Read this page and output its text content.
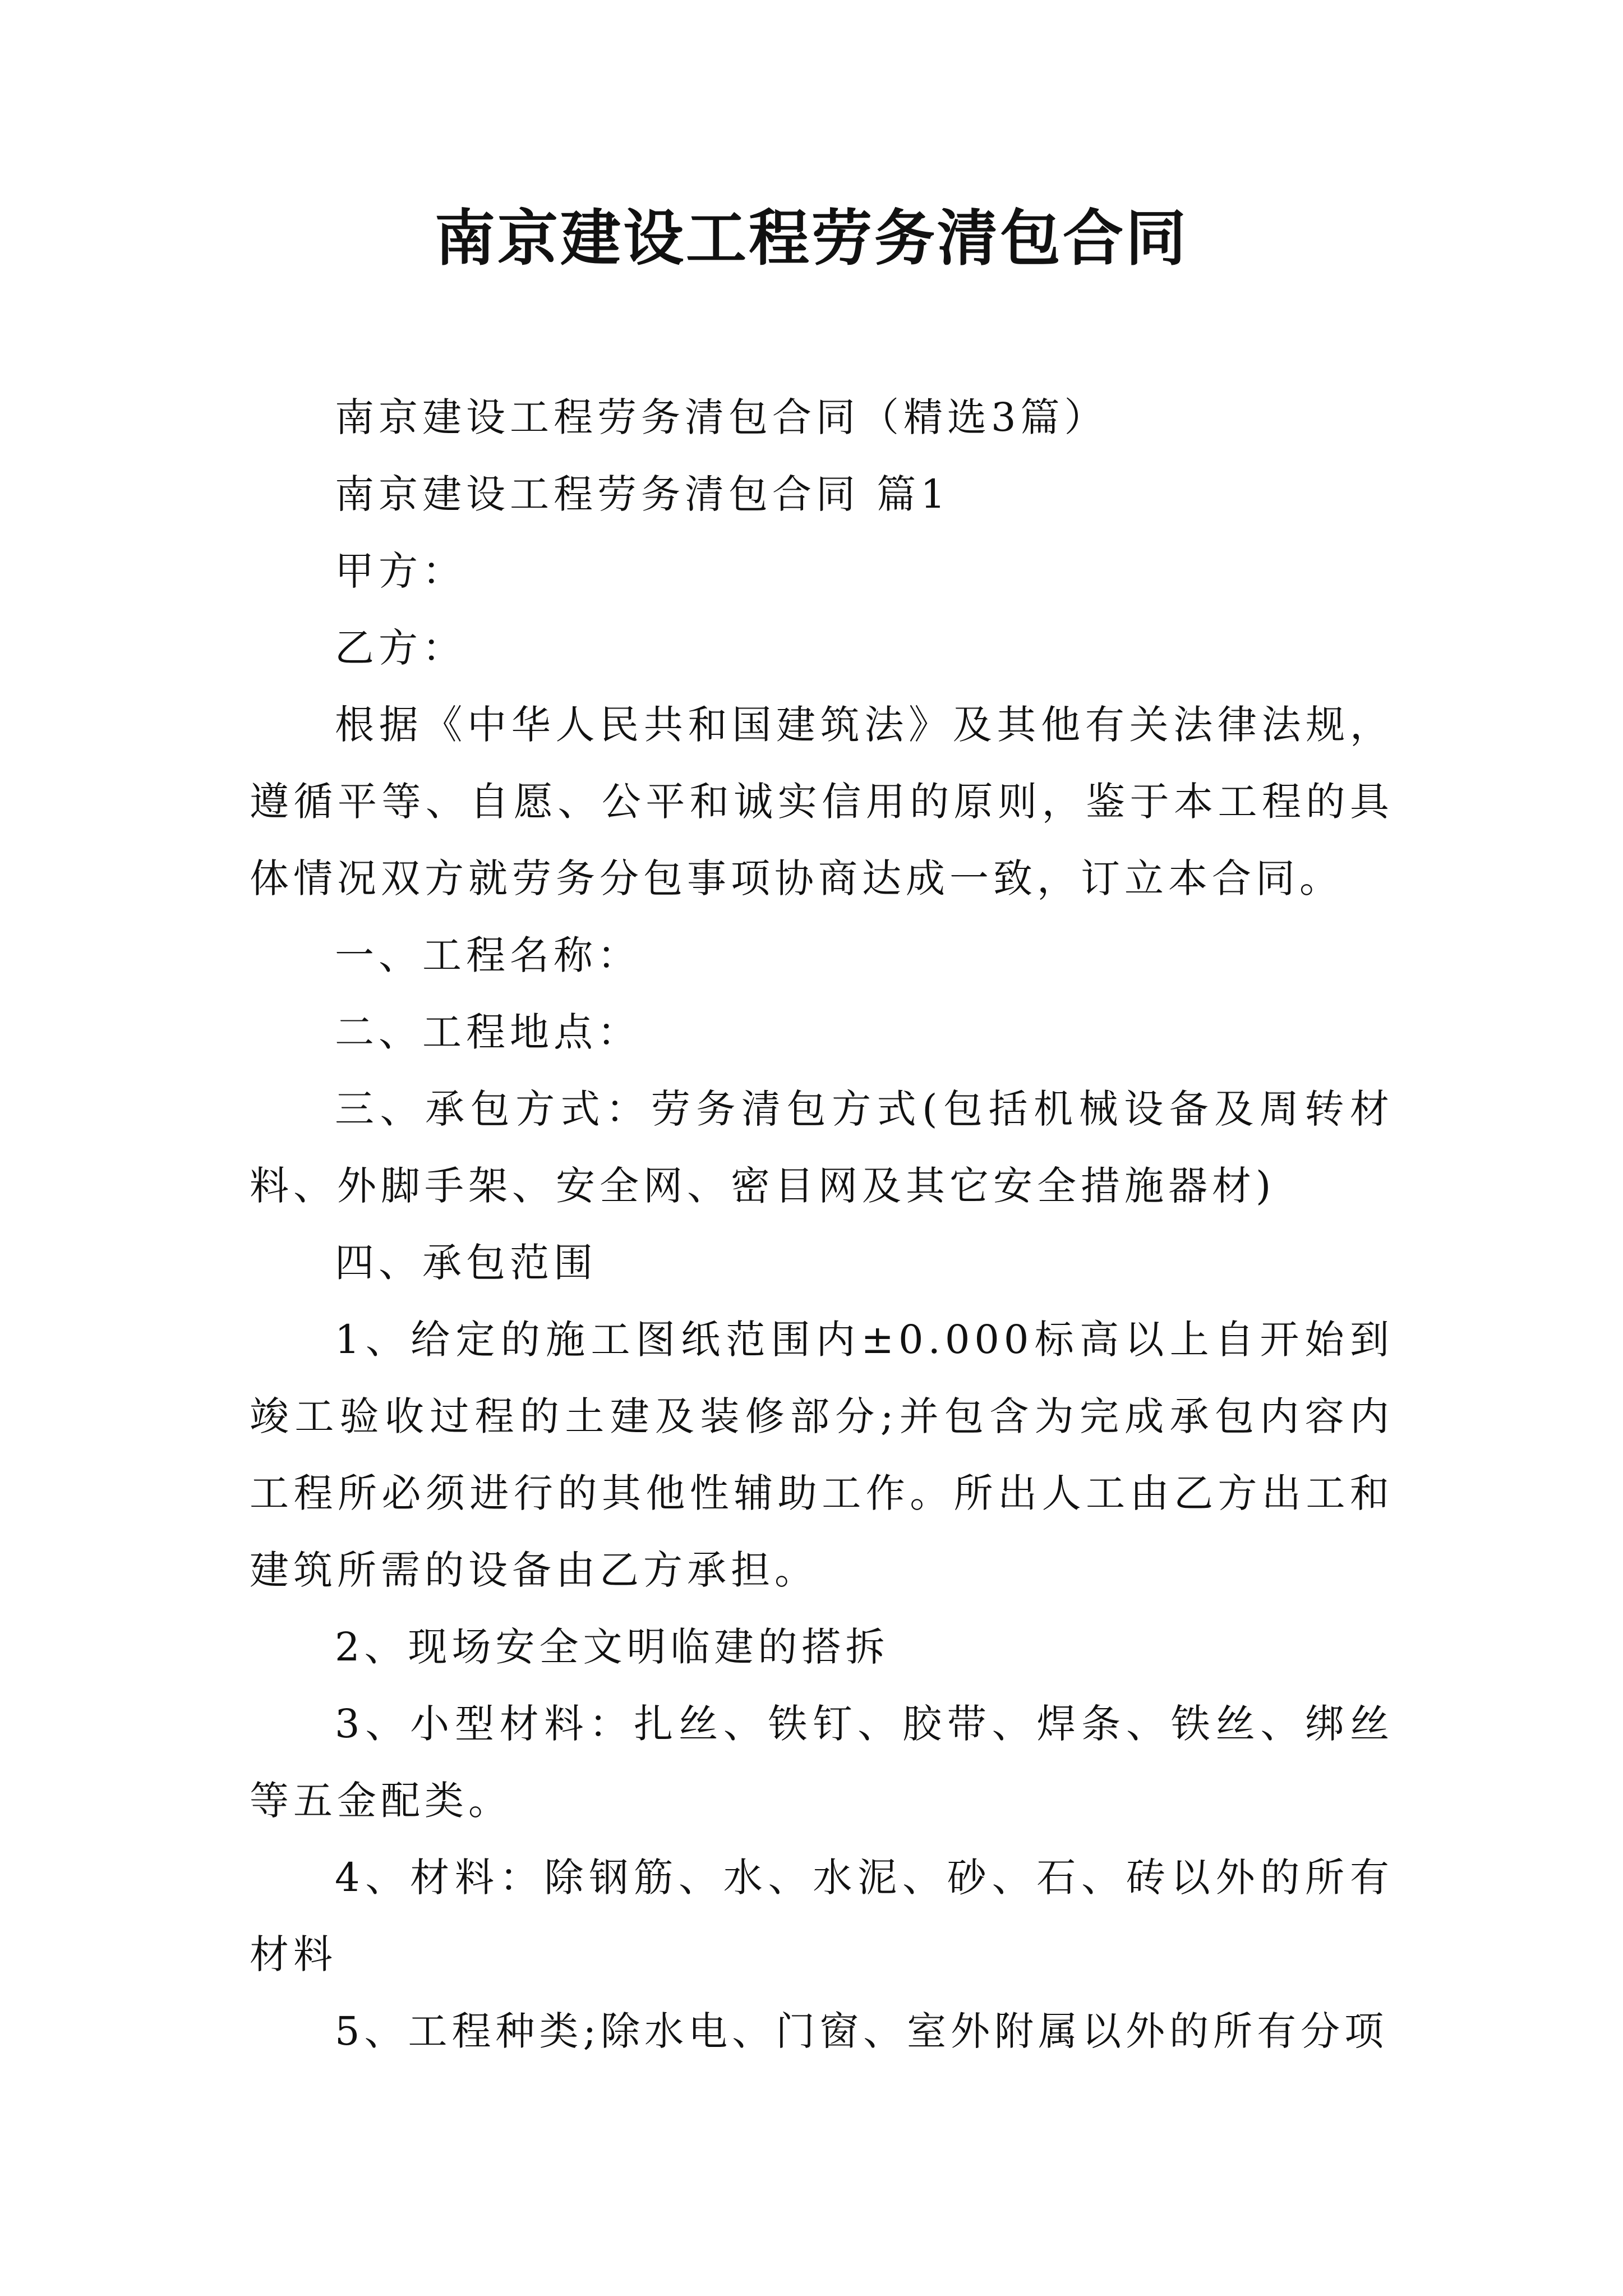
南京建设工程劳务清包合同

南京建设工程劳务清包合同（精选3篇）

南京建设工程劳务清包合同 篇1

甲方：

乙方：

根据《中华人民共和国建筑法》及其他有关法律法规，遵循平等、自愿、公平和诚实信用的原则，鉴于本工程的具体情况双方就劳务分包事项协商达成一致，订立本合同。

一、工程名称：

二、工程地点：

三、承包方式：劳务清包方式(包括机械设备及周转材料、外脚手架、安全网、密目网及其它安全措施器材)

四、承包范围

1、给定的施工图纸范围内±0.000标高以上自开始到竣工验收过程的土建及装修部分;并包含为完成承包内容内工程所必须进行的其他性辅助工作。所出人工由乙方出工和建筑所需的设备由乙方承担。

2、现场安全文明临建的搭拆

3、小型材料：扎丝、铁钉、胶带、焊条、铁丝、绑丝等五金配类。

4、材料：除钢筋、水、水泥、砂、石、砖以外的所有材料

5、工程种类;除水电、门窗、室外附属以外的所有分项
